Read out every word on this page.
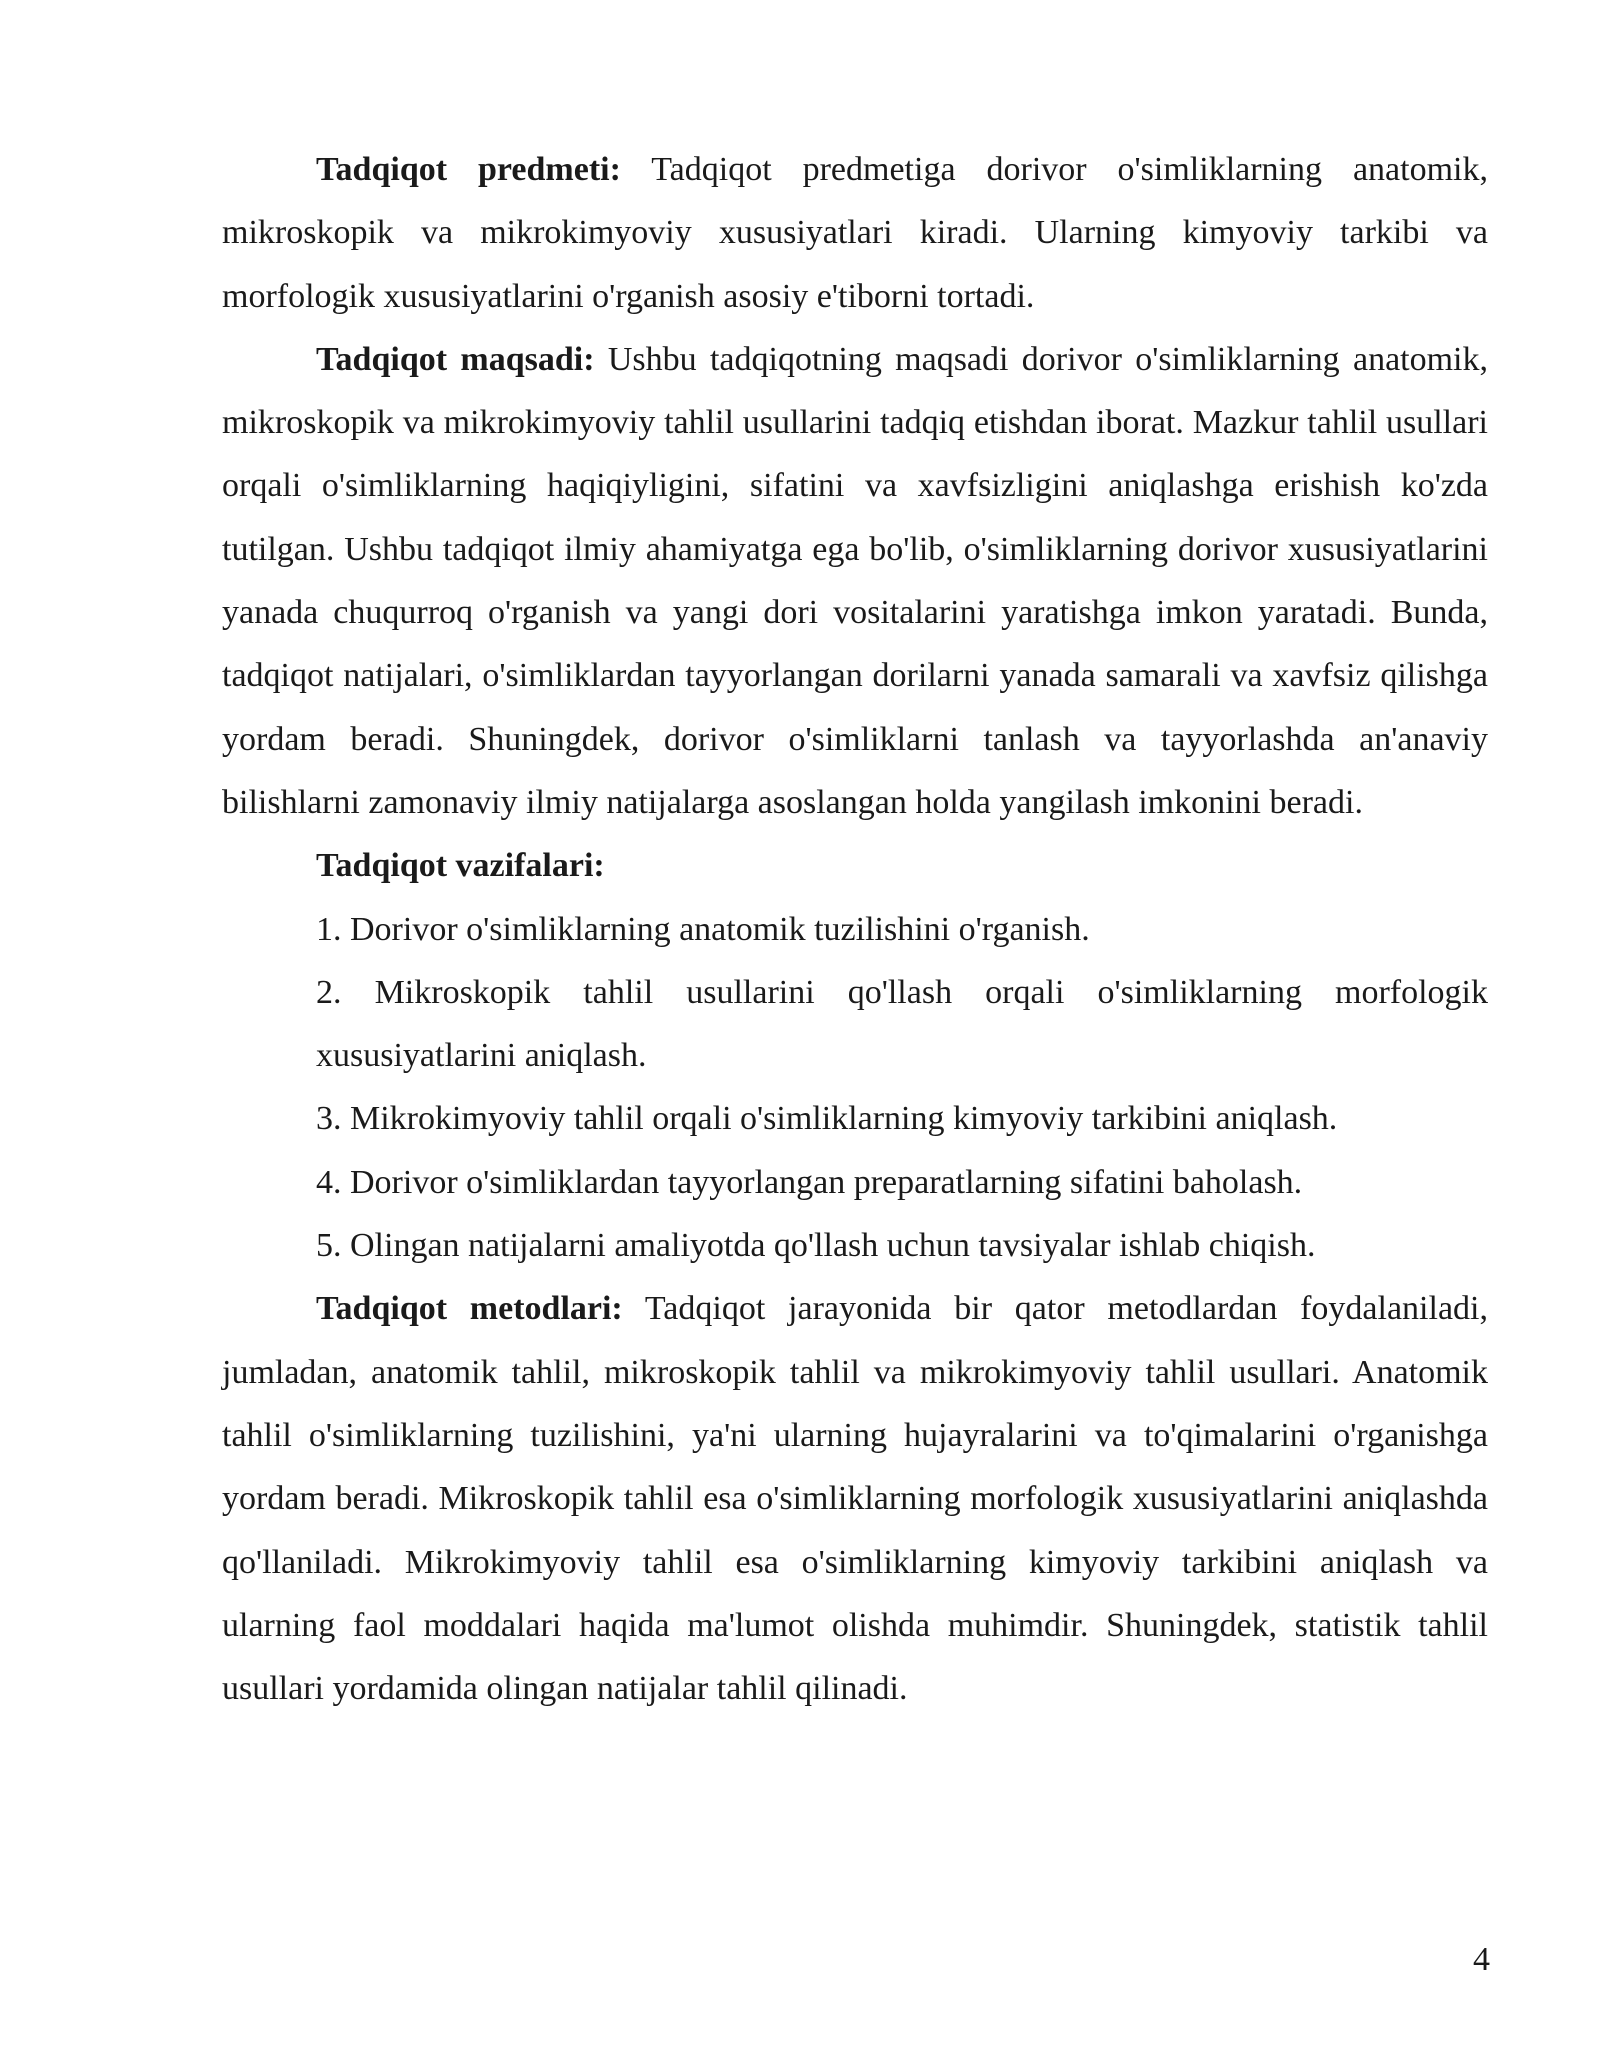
Tadqiqot predmeti: Tadqiqot predmetiga dorivor o'simliklarning anatomik, mikroskopik va mikrokimyoviy xususiyatlari kiradi. Ularning kimyoviy tarkibi va morfologik xususiyatlarini o'rganish asosiy e'tiborni tortadi.

Tadqiqot maqsadi: Ushbu tadqiqotning maqsadi dorivor o'simliklarning anatomik, mikroskopik va mikrokimyoviy tahlil usullarini tadqiq etishdan iborat. Mazkur tahlil usullari orqali o'simliklarning haqiqiyligini, sifatini va xavfsizligini aniqlashga erishish ko'zda tutilgan. Ushbu tadqiqot ilmiy ahamiyatga ega bo'lib, o'simliklarning dorivor xususiyatlarini yanada chuqurroq o'rganish va yangi dori vositalarini yaratishga imkon yaratadi. Bunda, tadqiqot natijalari, o'simliklardan tayyorlangan dorilarni yanada samarali va xavfsiz qilishga yordam beradi. Shuningdek, dorivor o'simliklarni tanlash va tayyorlashda an'anaviy bilishlarni zamonaviy ilmiy natijalarga asoslangan holda yangilash imkonini beradi.

Tadqiqot vazifalari:

1. Dorivor o'simliklarning anatomik tuzilishini o'rganish.

2. Mikroskopik tahlil usullarini qo'llash orqali o'simliklarning morfologik xususiyatlarini aniqlash.

3. Mikrokimyoviy tahlil orqali o'simliklarning kimyoviy tarkibini aniqlash.

4. Dorivor o'simliklardan tayyorlangan preparatlarning sifatini baholash.

5. Olingan natijalarni amaliyotda qo'llash uchun tavsiyalar ishlab chiqish.

Tadqiqot metodlari: Tadqiqot jarayonida bir qator metodlardan foydalaniladi, jumladan, anatomik tahlil, mikroskopik tahlil va mikrokimyoviy tahlil usullari. Anatomik tahlil o'simliklarning tuzilishini, ya'ni ularning hujayralarini va to'qimalarini o'rganishga yordam beradi. Mikroskopik tahlil esa o'simliklarning morfologik xususiyatlarini aniqlashda qo'llaniladi. Mikrokimyoviy tahlil esa o'simliklarning kimyoviy tarkibini aniqlash va ularning faol moddalari haqida ma'lumot olishda muhimdir. Shuningdek, statistik tahlil usullari yordamida olingan natijalar tahlil qilinadi.

4
